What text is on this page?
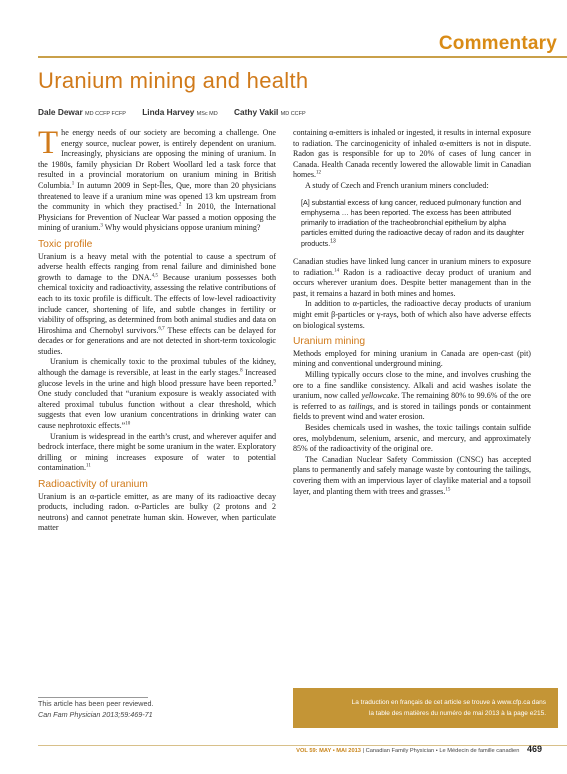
Commentary
Uranium mining and health
Dale Dewar MD CCFP FCFP Linda Harvey MSc MD Cathy Vakil MD CCFP

The energy needs of our society are becoming a challenge. One energy source, nuclear power, is entirely dependent on uranium. Increasingly, physicians are opposing the mining of uranium. In the 1980s, family physician Dr Robert Woollard led a task force that resulted in a provincial moratorium on uranium mining in British Columbia.$^1$ In autumn 2009 in Sept-Îles, Que, more than 20 physicians threatened to leave if a uranium mine was opened 13 km upstream from the community in which they practised.$^2$ In 2010, the International Physicians for Prevention of Nuclear War passed a motion opposing the mining of uranium.$^3$ Why would physicians oppose uranium mining?

Toxic profile

Uranium is a heavy metal with the potential to cause a spectrum of adverse health effects ranging from renal failure and diminished bone growth to damage to the DNA.$^{4,5}$ Because uranium possesses both chemical toxicity and radioactivity, assessing the relative contributions of each to its toxic profile is difficult. The effects of low-level radioactivity include cancer, shortening of life, and subtle changes in fertility or viability of offspring, as determined from both animal studies and data on Hiroshima and Chernobyl survivors.$^{6,7}$ These effects can be delayed for decades or for generations and are not detected in short-term toxicologic studies.

Uranium is chemically toxic to the proximal tubules of the kidney, although the damage is reversible, at least in the early stages.$^8$ Increased glucose levels in the urine and high blood pressure have been reported.$^9$ One study concluded that “uranium exposure is weakly associated with altered proximal tubulus function without a clear threshold, which suggests that even low uranium concentrations in drinking water can cause nephrotoxic effects.”$^{10}$

Uranium is widespread in the earth’s crust, and wherever aquifer and bedrock interface, there might be some uranium in the water. Exploratory drilling or mining increases exposure of water to potential contamination.$^{11}$

Radioactivity of uranium

Uranium is an α-particle emitter, as are many of its radioactive decay products, including radon. α-Particles are bulky (2 protons and 2 neutrons) and cannot penetrate human skin. However, when particulate matter

containing α-emitters is inhaled or ingested, it results in internal exposure to radiation. The carcinogenicity of inhaled α-emitters is not in dispute. Radon gas is responsible for up to 20% of cases of lung cancer in Canada. Health Canada recently lowered the allowable limit in Canadian homes.$^{12}$

A study of Czech and French uranium miners concluded:

[A] substantial excess of lung cancer, reduced pulmonary function and emphysema … has been reported. The excess has been attributed primarily to irradiation of the tracheobronchial epithelium by alpha particles emitted during the radioactive decay of radon and its daughter products.$^{13}$

Canadian studies have linked lung cancer in uranium miners to exposure to radiation.$^{14}$ Radon is a radioactive decay product of uranium and occurs wherever uranium does. Despite better management than in the past, it remains a hazard in both mines and homes.

In addition to α-particles, the radioactive decay products of uranium might emit β-particles or γ-rays, both of which also have adverse effects on biological systems.

Uranium mining

Methods employed for mining uranium in Canada are open-cast (pit) mining and conventional underground mining.

Milling typically occurs close to the mine, and involves crushing the ore to a fine sandlike consistency. Alkali and acid washes isolate the uranium, now called yellowcake. The remaining 80% to 99.6% of the ore is referred to as tailings, and is stored in tailings ponds or containment fields to prevent wind and water erosion.

Besides chemicals used in washes, the toxic tailings contain sulfide ores, molybdenum, selenium, arsenic, and mercury, and approximately 85% of the radioactivity of the original ore.

The Canadian Nuclear Safety Commission (CNSC) has accepted plans to permanently and safely manage waste by contouring the tailings, covering them with an impervious layer of claylike material and a topsoil layer, and planting them with trees and grasses.$^{15}$

This article has been peer reviewed.
Can Fam Physician 2013;59:469-71
La traduction en français de cet article se trouve à www.cfp.ca dans
la table des matières du numéro de mai 2013 à la page e215.
VOL 59: MAY • MAI 2013 | Canadian Family Physician • Le Médecin de famille canadien 469
